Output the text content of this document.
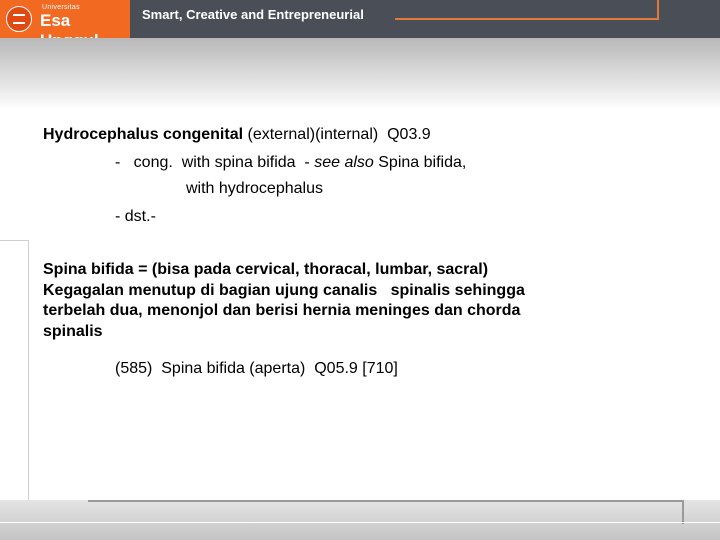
Universitas
Esa	Smart, Creative and Entrepreneurial
Hydrocephalus congenital (external)(internal)  Q03.9
-   cong.  with spina bifida  - see also Spina bifida,
with hydrocephalus
- dst.-
Spina bifida = (bisa pada cervical, thoracal, lumbar, sacral)
Kegagalan menutup di bagian ujung canalis   spinalis sehingga
terbelah dua, menonjol dan berisi hernia meninges dan chorda
spinalis
(585)  Spina bifida (aperta)  Q05.9 [710]
